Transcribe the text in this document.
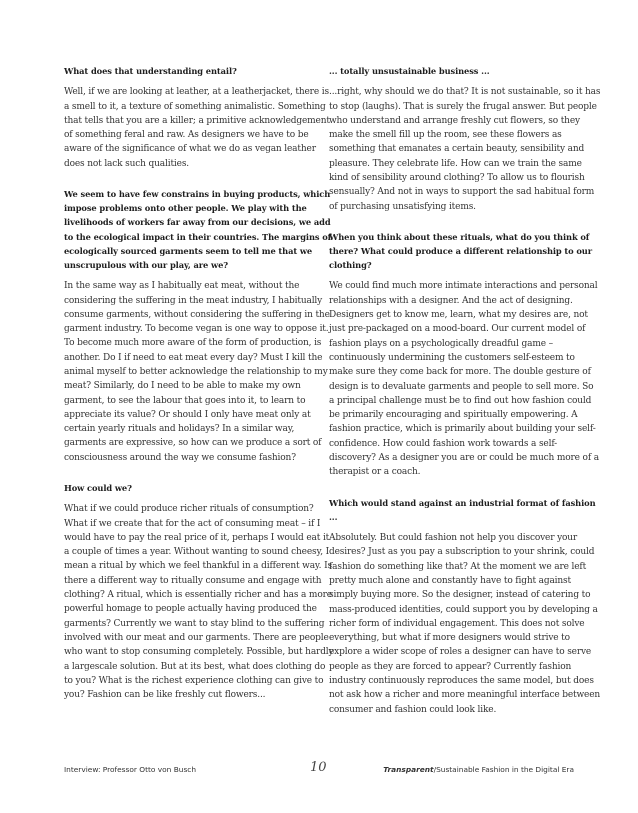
What does that understanding entail?
Well, if we are looking at leather, at a leatherjacket, there is a smell to it, a texture of something animalistic. Something that tells that you are a killer; a primitive acknowledgement of something feral and raw. As designers we have to be aware of the significance of what we do as vegan leather does not lack such qualities.
We seem to have few constrains in buying products, which impose problems onto other people. We play with the livelihoods of workers far away from our decisions, we add to the ecological impact in their countries. The margins of ecologically sourced garments seem to tell me that we unscrupulous with our play, are we?
In the same way as I habitually eat meat, without the considering the suffering in the meat industry, I habitually consume garments, without considering the suffering in the garment industry. To become vegan is one way to oppose it. To become much more aware of the form of production, is another. Do I if need to eat meat every day? Must I kill the animal myself to better acknowledge the relationship to my meat? Similarly, do I need to be able to make my own garment, to see the labour that goes into it, to learn to appreciate its value? Or should I only have meat only at certain yearly rituals and holidays? In a similar way, garments are expressive, so how can we produce a sort of consciousness around the way we consume fashion?
How could we?
What if we could produce richer rituals of consumption? What if we create that for the act of consuming meat – if I would have to pay the real price of it, perhaps I would eat it a couple of times a year. Without wanting to sound cheesy, I mean a ritual by which we feel thankful in a different way. Is there a different way to ritually consume and engage with clothing? A ritual, which is essentially richer and has a more powerful homage to people actually having produced the garments? Currently we want to stay blind to the suffering involved with our meat and our garments. There are people who want to stop consuming completely. Possible, but hardly a largescale solution. But at its best, what does clothing do to you? What is the richest experience clothing can give to you? Fashion can be like freshly cut flowers...
... totally unsustainable business ...
...right, why should we do that? It is not sustainable, so it has to stop (laughs). That is surely the frugal answer. But people who understand and arrange freshly cut flowers, so they make the smell fill up the room, see these flowers as something that emanates a certain beauty, sensibility and pleasure. They celebrate life. How can we train the same kind of sensibility around clothing? To allow us to flourish sensually? And not in ways to support the sad habitual form of purchasing unsatisfying items.
When you think about these rituals, what do you think of there? What could produce a different relationship to our clothing?
We could find much more intimate interactions and personal relationships with a designer. And the act of designing. Designers get to know me, learn, what my desires are, not just pre-packaged on a mood-board. Our current model of fashion plays on a psychologically dreadful game – continuously undermining the customers self-esteem to make sure they come back for more. The double gesture of design is to devaluate garments and people to sell more. So a principal challenge must be to find out how fashion could be primarily encouraging and spiritually empowering. A fashion practice, which is primarily about building your self-confidence. How could fashion work towards a self-discovery? As a designer you are or could be much more of a therapist or a coach.
Which would stand against an industrial format of fashion ...
Absolutely. But could fashion not help you discover your desires? Just as you pay a subscription to your shrink, could fashion do something like that? At the moment we are left pretty much alone and constantly have to fight against simply buying more. So the designer, instead of catering to mass-produced identities, could support you by developing a richer form of individual engagement. This does not solve everything, but what if more designers would strive to explore a wider scope of roles a designer can have to serve people as they are forced to appear? Currently fashion industry continuously reproduces the same model, but does not ask how a richer and more meaningful interface between consumer and fashion could look like.
Interview: Professor Otto von Busch	10	Transparent/Sustainable Fashion in the Digital Era
